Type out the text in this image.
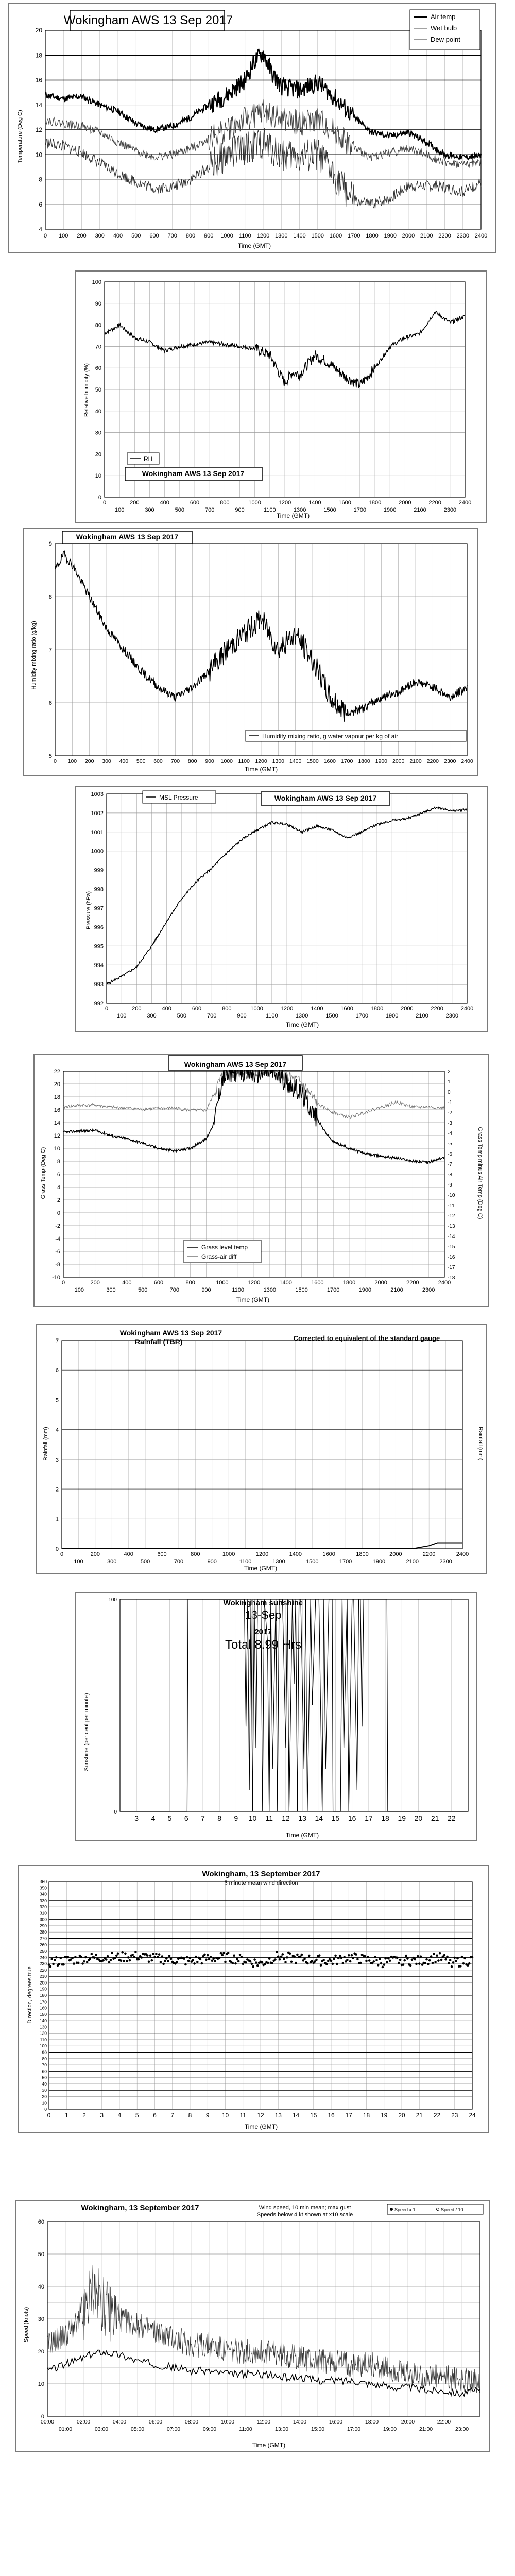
Time (GMT)
Temperature (Deg C)
4
6
8
10
12
14
16
18
20
0 100 200 300 400 500 600 700 800 900 1000 1100 1200 1300 1400 1500 1600 1700 1800 1900 2000 2100 2200 2300 2400
Wokingham AWS 13 Sep 2017	Air temp
Wet bulb
Dew point
Time (GMT)
Relative humidity (%)
0
10
20
30
40
50
60
70
80
90
100
0	200	400	600	800	1000	1200	1400	1600	1800	2000	2200	2400
100	300	500	700	900	1100	1300	1500	1700	1900	2100	2300
RH
Wokingham AWS 13 Sep 2017
Time (GMT)
Humidity mixing ratio (g/kg)
5
6
7
8
9
0 100 200 300 400 500 600 700 800 900 1000 1100 1200 1300 1400 1500 1600 1700 1800 1900 2000 2100 2200 2300 2400
Wokingham AWS 13 Sep 2017
Humidity mixing ratio, g water vapour per kg of air
Time (GMT)
Pressure (hPa)
992
993
994
995
996
997
998
999
1000
1001
1002
1003
0	200	400	600	800	1000	1200	1400	1600	1800	2000	2200	2400
100	300	500	700	900	1100	1300	1500	1700	1900	2100	2300
MSL Pressure	Wokingham AWS 13 Sep 2017
Time (GMT)
Grass Temp (Deg C)	Grass Temp minus Air Temp (Deg C)
-10
-8
-6
-4
-2
0
2
4
6
8
10
12
14
16
18
20
22
-18
-17
-16
-15
-14
-13
-12
-11
-10
-9
-8
-7
-6
-5
-4
-3
-2
-1
0
1
2
0	200	400	600	800	1000	1200	1400	1600	1800	2000	2200	2400
100	300	500	700	900	1100	1300	1500	1700	1900	2100	2300
Wokingham AWS 13 Sep 2017
Grass level temp
Grass-air diff
Wokingham AWS 13 Sep 2017
Rainfall (TBR)	Corrected to equivalent of the standard gauge
Time (GMT)
Rainfall (mm)	Rainfall (mm)
0
1
2
3
4
5
6
7
0	200	400	600	800	1000	1200	1400	1600	1800	2000	2200	2400
100	300	500	700	900	1100	1300	1500	1700	1900	2100	2300
Wokingham sunshine
13-Sep
2017
Total 8.99 Hrs
Time (GMT)
Sunshine (per cent per minute)
0
100
3 4 5 6 7 8 9 10 11 12 13 14 15 16 17 18 19 20 21 22
Wokingham, 13 September 2017
5 minute mean wind direction
Time (GMT)
Direction, degrees true
0
10
20
30
40
50
60
70
80
90
100
110
120
130
140
150
160
170
180
190
200
210
220
230
240
250
260
270
280
290
300
310
320
330
340
350
360
0 1 2 3 4 5 6 7 8 9 10 11 12 13 14 15 16 17 18 19 20 21 22 23 24
Wokingham, 13 September 2017	Wind speed, 10 min mean; max gust
Speeds below 4 kt shown at x10 scale
Time (GMT)
Speed (knots)
0
10
20
30
40
50
60
00:00	02:00	04:00	06:00	08:00	10:00	12:00	14:00	16:00	18:00	20:00	22:00
01:00	03:00	05:00	07:00	09:00	11:00	13:00	15:00	17:00	19:00	21:00	23:00
Speed x 1	Speed / 10
